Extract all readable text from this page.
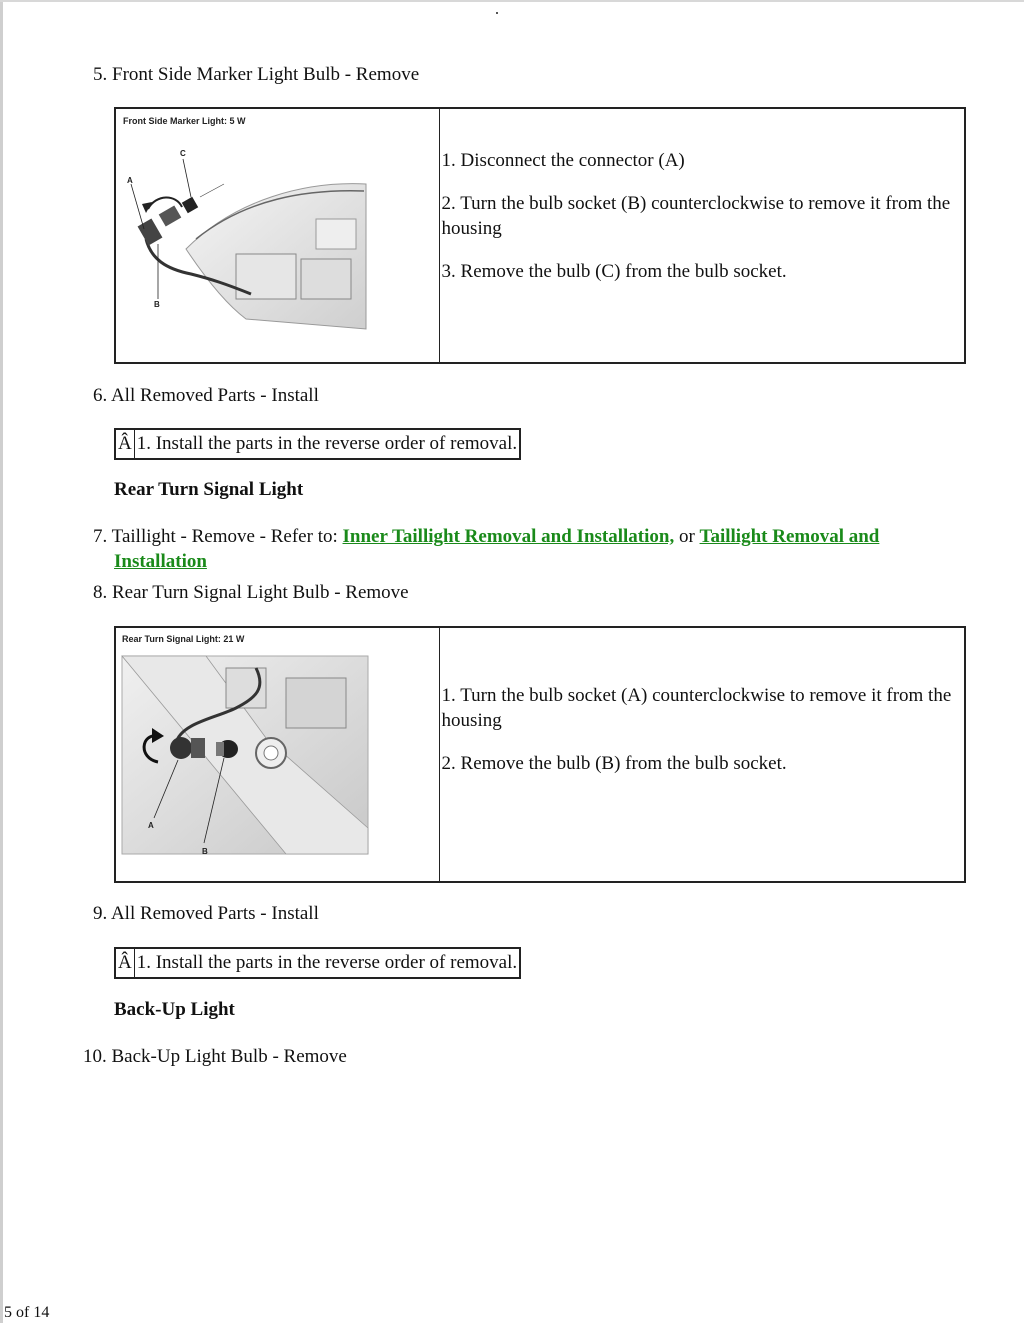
5. Front Side Marker Light Bulb - Remove
Front Side Marker Light: 5 W
A
B
C	1. Disconnect the connector (A)

2. Turn the bulb socket (B) counterclockwise to remove it from the housing

3. Remove the bulb (C) from the bulb socket.

6. All Removed Parts - Install
Â	1. Install the parts in the reverse order of removal.
Rear Turn Signal Light
7. Taillight - Remove - Refer to: Inner Taillight Removal and Installation, or Taillight Removal and
Installation
8. Rear Turn Signal Light Bulb - Remove
Rear Turn Signal Light: 21 W
A
B

1. Turn the bulb socket (A) counterclockwise to remove it from the housing

2. Remove the bulb (B) from the bulb socket.

9. All Removed Parts - Install
Â	1. Install the parts in the reverse order of removal.
Back-Up Light
10. Back-Up Light Bulb - Remove
5 of 14
